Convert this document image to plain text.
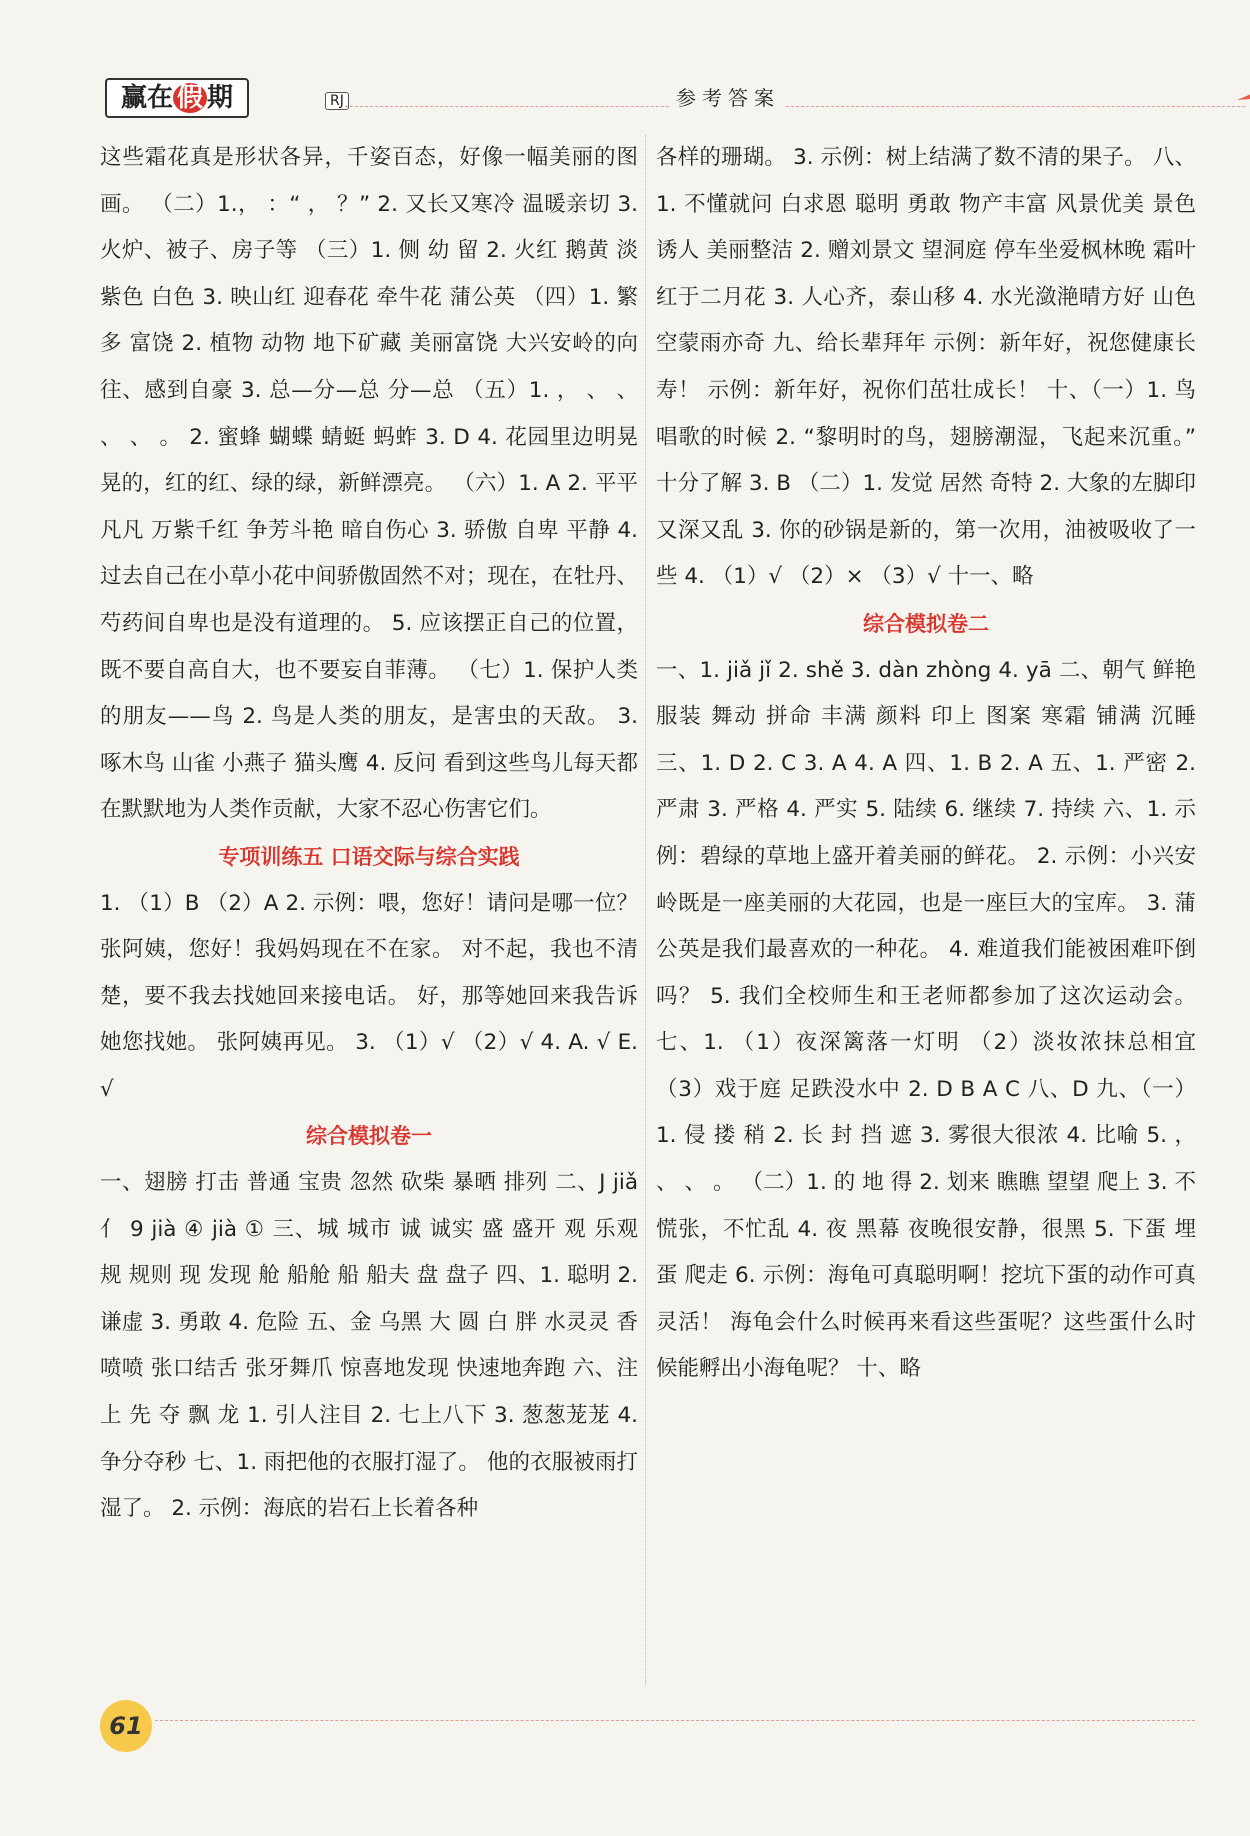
赢在 假 期	RJ	参考答案

这些霜花真是形状各异，千姿百态，好像一幅美丽的图画。 （二）1.， ：“ ， ？” 2. 又长又寒冷 温暖亲切 3. 火炉、被子、房子等 （三）1. 侧 幼 留 2. 火红 鹅黄 淡紫色 白色 3. 映山红 迎春花 牵牛花 蒲公英 （四）1. 繁多 富饶 2. 植物 动物 地下矿藏 美丽富饶 大兴安岭的向往、感到自豪 3. 总—分—总 分—总 （五）1. ， 、 、 、 、 。 2. 蜜蜂 蝴蝶 蜻蜓 蚂蚱 3. D 4. 花园里边明晃晃的，红的红、绿的绿，新鲜漂亮。 （六）1. A 2. 平平凡凡 万紫千红 争芳斗艳 暗自伤心 3. 骄傲 自卑 平静 4. 过去自己在小草小花中间骄傲固然不对；现在，在牡丹、芍药间自卑也是没有道理的。 5. 应该摆正自己的位置，既不要自高自大，也不要妄自菲薄。 （七）1. 保护人类的朋友——鸟 2. 鸟是人类的朋友，是害虫的天敌。 3. 啄木鸟 山雀 小燕子 猫头鹰 4. 反问 看到这些鸟儿每天都在默默地为人类作贡献，大家不忍心伤害它们。

专项训练五 口语交际与综合实践

1. （1）B （2）A 2. 示例：喂，您好！请问是哪一位？ 张阿姨，您好！我妈妈现在不在家。 对不起，我也不清楚，要不我去找她回来接电话。 好，那等她回来我告诉她您找她。 张阿姨再见。 3. （1）√ （2）√ 4. A. √ E. √

综合模拟卷一

一、翅膀 打击 普通 宝贵 忽然 砍柴 暴晒 排列 二、J jiǎ 亻 9 jià ④ jià ① 三、城 城市 诚 诚实 盛 盛开 观 乐观 规 规则 现 发现 舱 船舱 船 船夫 盘 盘子 四、1. 聪明 2. 谦虚 3. 勇敢 4. 危险 五、金 乌黑 大 圆 白 胖 水灵灵 香喷喷 张口结舌 张牙舞爪 惊喜地发现 快速地奔跑 六、注 上 先 夺 飘 龙 1. 引人注目 2. 七上八下 3. 葱葱茏茏 4. 争分夺秒 七、1. 雨把他的衣服打湿了。 他的衣服被雨打湿了。 2. 示例：海底的岩石上长着各种

各样的珊瑚。 3. 示例：树上结满了数不清的果子。 八、1. 不懂就问 白求恩 聪明 勇敢 物产丰富 风景优美 景色诱人 美丽整洁 2. 赠刘景文 望洞庭 停车坐爱枫林晚 霜叶红于二月花 3. 人心齐，泰山移 4. 水光潋滟晴方好 山色空蒙雨亦奇 九、给长辈拜年 示例：新年好，祝您健康长寿！ 示例：新年好，祝你们茁壮成长！ 十、（一）1. 鸟唱歌的时候 2. “黎明时的鸟，翅膀潮湿，飞起来沉重。” 十分了解 3. B （二）1. 发觉 居然 奇特 2. 大象的左脚印又深又乱 3. 你的砂锅是新的，第一次用，油被吸收了一些 4. （1）√ （2）× （3）√ 十一、略

综合模拟卷二

一、1. jiǎ jǐ 2. shě 3. dàn zhòng 4. yā 二、朝气 鲜艳 服装 舞动 拼命 丰满 颜料 印上 图案 寒霜 铺满 沉睡 三、1. D 2. C 3. A 4. A 四、1. B 2. A 五、1. 严密 2. 严肃 3. 严格 4. 严实 5. 陆续 6. 继续 7. 持续 六、1. 示例：碧绿的草地上盛开着美丽的鲜花。 2. 示例：小兴安岭既是一座美丽的大花园，也是一座巨大的宝库。 3. 蒲公英是我们最喜欢的一种花。 4. 难道我们能被困难吓倒吗？ 5. 我们全校师生和王老师都参加了这次运动会。 七、1. （1）夜深篱落一灯明 （2）淡妆浓抹总相宜 （3）戏于庭 足跌没水中 2. D B A C 八、D 九、（一）1. 侵 搂 稍 2. 长 封 挡 遮 3. 雾很大很浓 4. 比喻 5. ， 、 、 。 （二）1. 的 地 得 2. 划来 瞧瞧 望望 爬上 3. 不慌张，不忙乱 4. 夜 黑幕 夜晚很安静，很黑 5. 下蛋 埋蛋 爬走 6. 示例：海龟可真聪明啊！挖坑下蛋的动作可真灵活！ 海龟会什么时候再来看这些蛋呢？这些蛋什么时候能孵出小海龟呢？ 十、略

61
